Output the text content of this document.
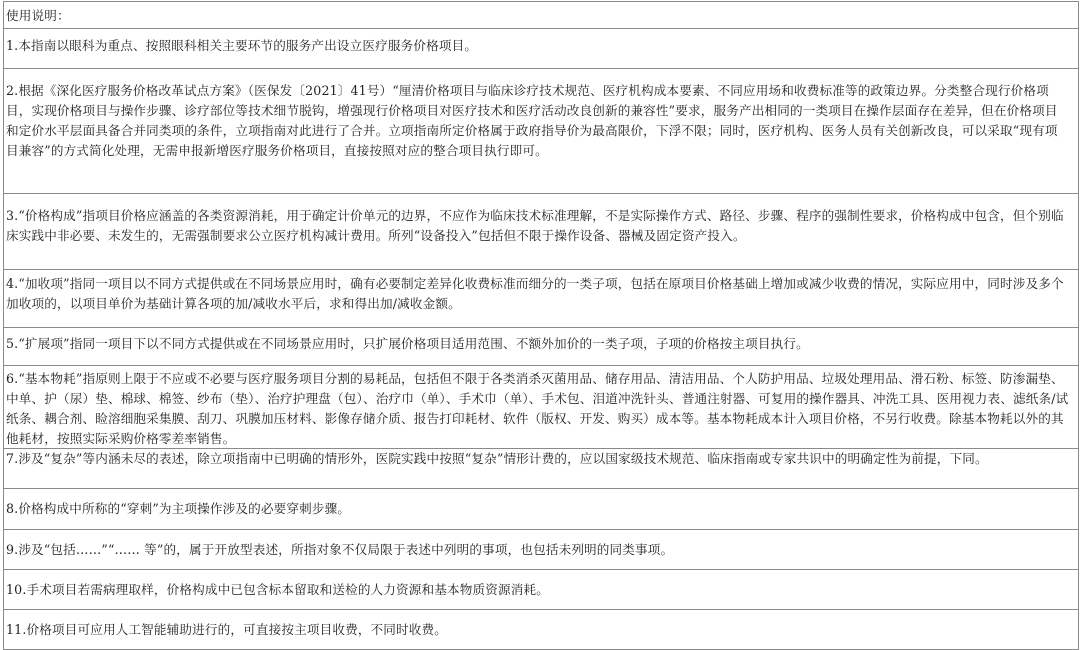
使用说明：
1.本指南以眼科为重点、按照眼科相关主要环节的服务产出设立医疗服务价格项目。
2.根据《深化医疗服务价格改革试点方案》（医保发〔2021〕41号）“厘清价格项目与临床诊疗技术规范、医疗机构成本要素、不同应用场和收费标准等的政策边界。分类整合现行价格项目，实现价格项目与操作步骤、诊疗部位等技术细节脱钩，增强现行价格项目对医疗技术和医疗活动改良创新的兼容性”要求，服务产出相同的一类项目在操作层面存在差异，但在价格项目和定价水平层面具备合并同类项的条件，立项指南对此进行了合并。立项指南所定价格属于政府指导价为最高限价，下浮不限；同时，医疗机构、医务人员有关创新改良，可以采取“现有项目兼容”的方式简化处理，无需申报新增医疗服务价格项目，直接按照对应的整合项目执行即可。
3.“价格构成”指项目价格应涵盖的各类资源消耗，用于确定计价单元的边界，不应作为临床技术标准理解，不是实际操作方式、路径、步骤、程序的强制性要求，价格构成中包含，但个别临床实践中非必要、未发生的，无需强制要求公立医疗机构减计费用。所列“设备投入”包括但不限于操作设备、器械及固定资产投入。
4.“加收项”指同一项目以不同方式提供或在不同场景应用时，确有必要制定差异化收费标准而细分的一类子项，包括在原项目价格基础上增加或减少收费的情况，实际应用中，同时涉及多个加收项的，以项目单价为基础计算各项的加/减收水平后，求和得出加/减收金额。
5.“扩展项”指同一项目下以不同方式提供或在不同场景应用时，只扩展价格项目适用范围、不额外加价的一类子项，子项的价格按主项目执行。
6.“基本物耗”指原则上限于不应或不必要与医疗服务项目分割的易耗品，包括但不限于各类消杀灭菌用品、储存用品、清洁用品、个人防护用品、垃圾处理用品、滑石粉、标签、防渗漏垫、中单、护（尿）垫、棉球、棉签、纱布（垫）、治疗护理盘（包）、治疗巾（单）、手术巾（单）、手术包、泪道冲洗针头、普通注射器、可复用的操作器具、冲洗工具、医用视力表、滤纸条/试纸条、耦合剂、睑溶细胞采集膜、刮刀、巩膜加压材料、影像存储介质、报告打印耗材、软件（版权、开发、购买）成本等。基本物耗成本计入项目价格，不另行收费。除基本物耗以外的其他耗材，按照实际采购价格零差率销售。
7.涉及“复杂”等内涵未尽的表述，除立项指南中已明确的情形外，医院实践中按照“复杂”情形计费的，应以国家级技术规范、临床指南或专家共识中的明确定性为前提，下同。
8.价格构成中所称的“穿刺”为主项操作涉及的必要穿刺步骤。
9.涉及“包括……”“…… 等”的，属于开放型表述，所指对象不仅局限于表述中列明的事项，也包括未列明的同类事项。
10.手术项目若需病理取样，价格构成中已包含标本留取和送检的人力资源和基本物质资源消耗。
11.价格项目可应用人工智能辅助进行的，可直接按主项目收费，不同时收费。
